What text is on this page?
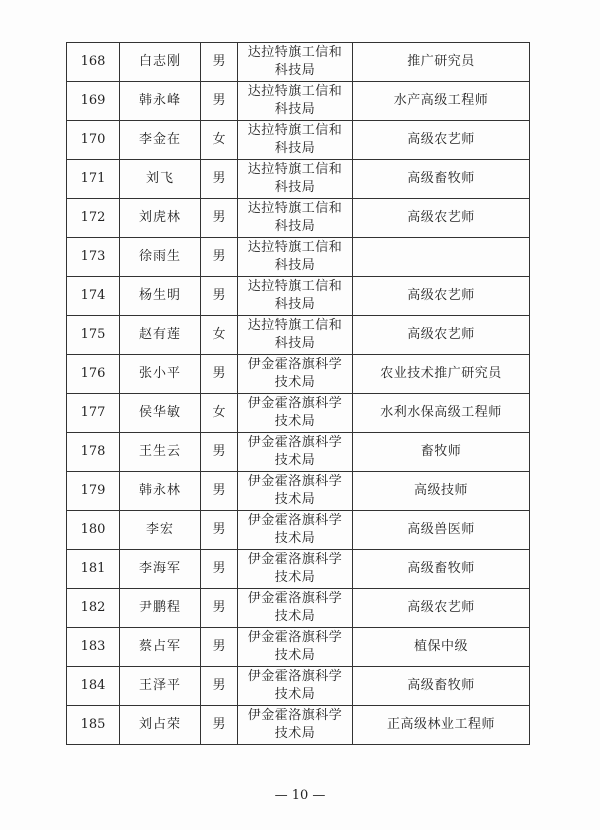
168	白志刚	男	达拉特旗工信和
科技局	推广研究员
169	韩永峰	男	达拉特旗工信和
科技局	水产高级工程师
170	李金在	女	达拉特旗工信和
科技局	高级农艺师
171	刘飞	男	达拉特旗工信和
科技局	高级畜牧师
172	刘虎林	男	达拉特旗工信和
科技局	高级农艺师
173	徐雨生	男	达拉特旗工信和
科技局	

174	杨生明	男	达拉特旗工信和
科技局	高级农艺师
175	赵有莲	女	达拉特旗工信和
科技局	高级农艺师
176	张小平	男	伊金霍洛旗科学
技术局	农业技术推广研究员
177	侯华敏	女	伊金霍洛旗科学
技术局	水利水保高级工程师
178	王生云	男	伊金霍洛旗科学
技术局	畜牧师
179	韩永林	男	伊金霍洛旗科学
技术局	高级技师
180	李宏	男	伊金霍洛旗科学
技术局	高级兽医师
181	李海军	男	伊金霍洛旗科学
技术局	高级畜牧师
182	尹鹏程	男	伊金霍洛旗科学
技术局	高级农艺师
183	蔡占军	男	伊金霍洛旗科学
技术局	植保中级
184	王泽平	男	伊金霍洛旗科学
技术局	高级畜牧师
185	刘占荣	男	伊金霍洛旗科学
技术局	正高级林业工程师
— 10 —
